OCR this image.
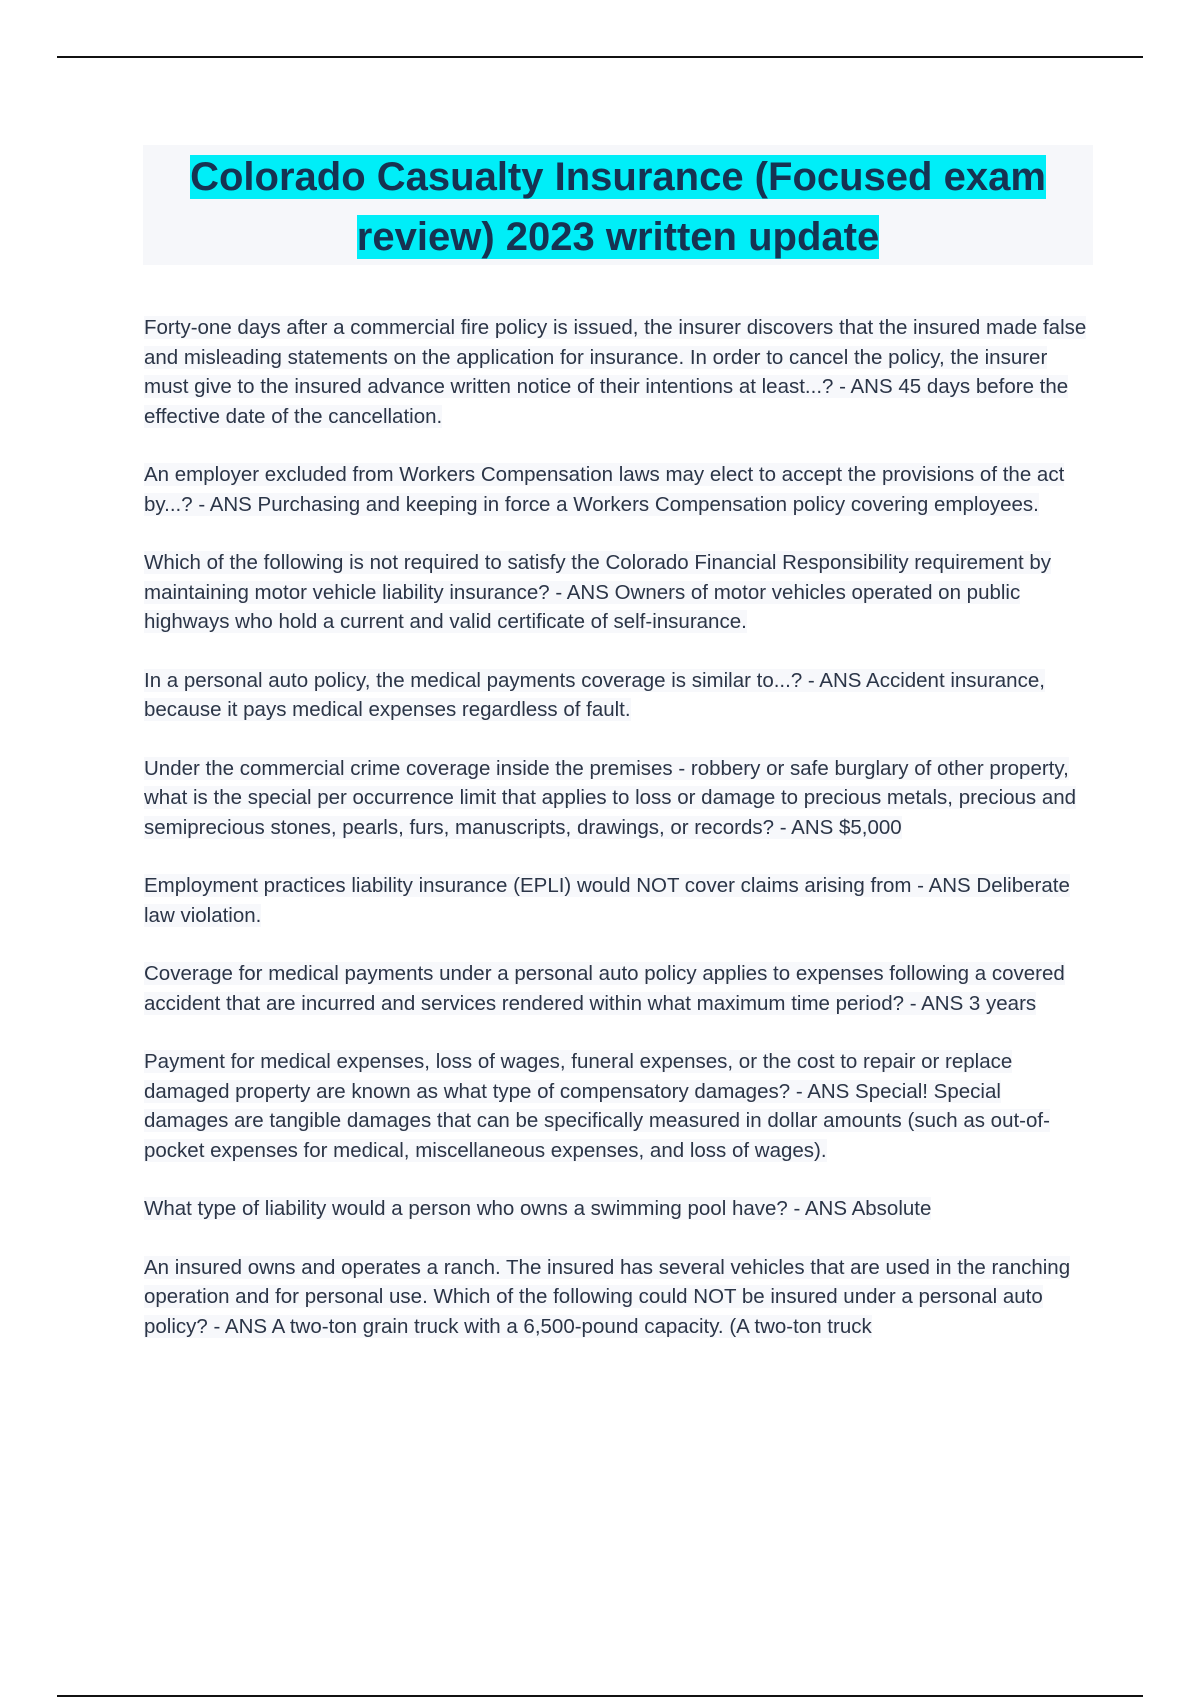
Colorado Casualty Insurance (Focused exam
review) 2023 written update

Forty-one days after a commercial fire policy is issued, the insurer discovers that the insured made false and misleading statements on the application for insurance. In order to cancel the policy, the insurer must give to the insured advance written notice of their intentions at least...? - ANS 45 days before the effective date of the cancellation.

An employer excluded from Workers Compensation laws may elect to accept the provisions of the act by...? - ANS Purchasing and keeping in force a Workers Compensation policy covering employees.

Which of the following is not required to satisfy the Colorado Financial Responsibility requirement by maintaining motor vehicle liability insurance? - ANS Owners of motor vehicles operated on public highways who hold a current and valid certificate of self-insurance.

In a personal auto policy, the medical payments coverage is similar to...? - ANS Accident insurance, because it pays medical expenses regardless of fault.

Under the commercial crime coverage inside the premises - robbery or safe burglary of other property, what is the special per occurrence limit that applies to loss or damage to precious metals, precious and semiprecious stones, pearls, furs, manuscripts, drawings, or records? - ANS $5,000

Employment practices liability insurance (EPLI) would NOT cover claims arising from - ANS Deliberate law violation.

Coverage for medical payments under a personal auto policy applies to expenses following a covered accident that are incurred and services rendered within what maximum time period? - ANS 3 years

Payment for medical expenses, loss of wages, funeral expenses, or the cost to repair or replace damaged property are known as what type of compensatory damages? - ANS Special! Special damages are tangible damages that can be specifically measured in dollar amounts (such as out-of-pocket expenses for medical, miscellaneous expenses, and loss of wages).

What type of liability would a person who owns a swimming pool have? - ANS Absolute

An insured owns and operates a ranch. The insured has several vehicles that are used in the ranching operation and for personal use. Which of the following could NOT be insured under a personal auto policy? - ANS A two-ton grain truck with a 6,500-pound capacity. (A two-ton truck
